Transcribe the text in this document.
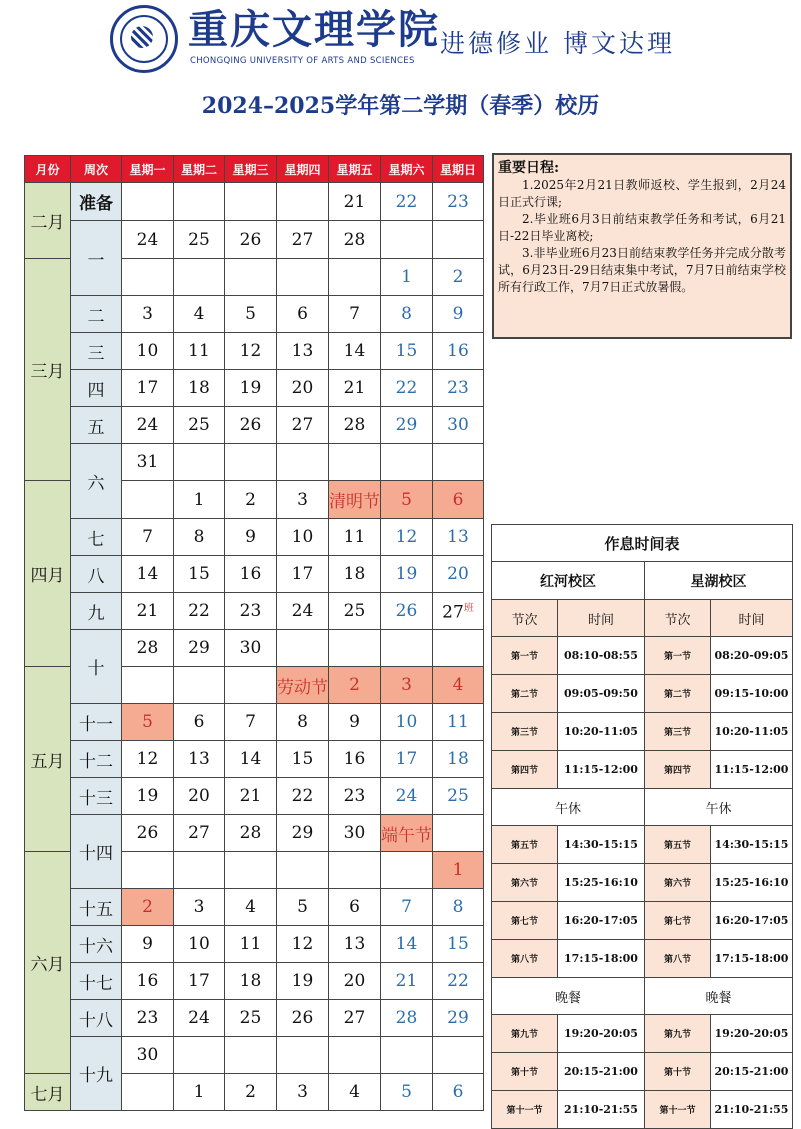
重庆文理学院
CHONGQING UNIVERSITY OF ARTS AND SCIENCES
进德修业 博文达理
2024–2025学年第二学期（春季）校历
月份	周次	星期一	星期二	星期三	星期四	星期五	星期六	星期日
二月	准备					21	22	23
	一	24	25	26	27	28		
三月							1	2
	二	3	4	5	6	7	8	9
	三	10	11	12	13	14	15	16
	四	17	18	19	20	21	22	23
	五	24	25	26	27	28	29	30
	六	31						
四月			1	2	3	清明节	5	6
	七	7	8	9	10	11	12	13
	八	14	15	16	17	18	19	20
	九	21	22	23	24	25	26	$27^班$
	十	28	29	30				
五月					劳动节	2	3	4
	十一	5	6	7	8	9	10	11
	十二	12	13	14	15	16	17	18
	十三	19	20	21	22	23	24	25
	十四	26	27	28	29	30	端午节	
六月								1
	十五	2	3	4	5	6	7	8
	十六	9	10	11	12	13	14	15
	十七	16	17	18	19	20	21	22
	十八	23	24	25	26	27	28	29
	十九	30						
七月			1	2	3	4	5	6
重要日程:

1.2025年2月21日教师返校、学生报到，2月24日正式行课;

2.毕业班6月3日前结束教学任务和考试，6月21日-22日毕业离校;

3.非毕业班6月23日前结束教学任务并完成分散考试，6月23日-29日结束集中考试，7月7日前结束学校所有行政工作，7月7日正式放暑假。

作息时间表			
红河校区		星湖校区	
节次	时间	节次	时间
第一节	08:10-08:55	第一节	08:20-09:05
第二节	09:05-09:50	第二节	09:15-10:00
第三节	10:20-11:05	第三节	10:20-11:05
第四节	11:15-12:00	第四节	11:15-12:00
午休		午休	
第五节	14:30-15:15	第五节	14:30-15:15
第六节	15:25-16:10	第六节	15:25-16:10
第七节	16:20-17:05	第七节	16:20-17:05
第八节	17:15-18:00	第八节	17:15-18:00
晚餐		晚餐	
第九节	19:20-20:05	第九节	19:20-20:05
第十节	20:15-21:00	第十节	20:15-21:00
第十一节	21:10-21:55	第十一节	21:10-21:55
